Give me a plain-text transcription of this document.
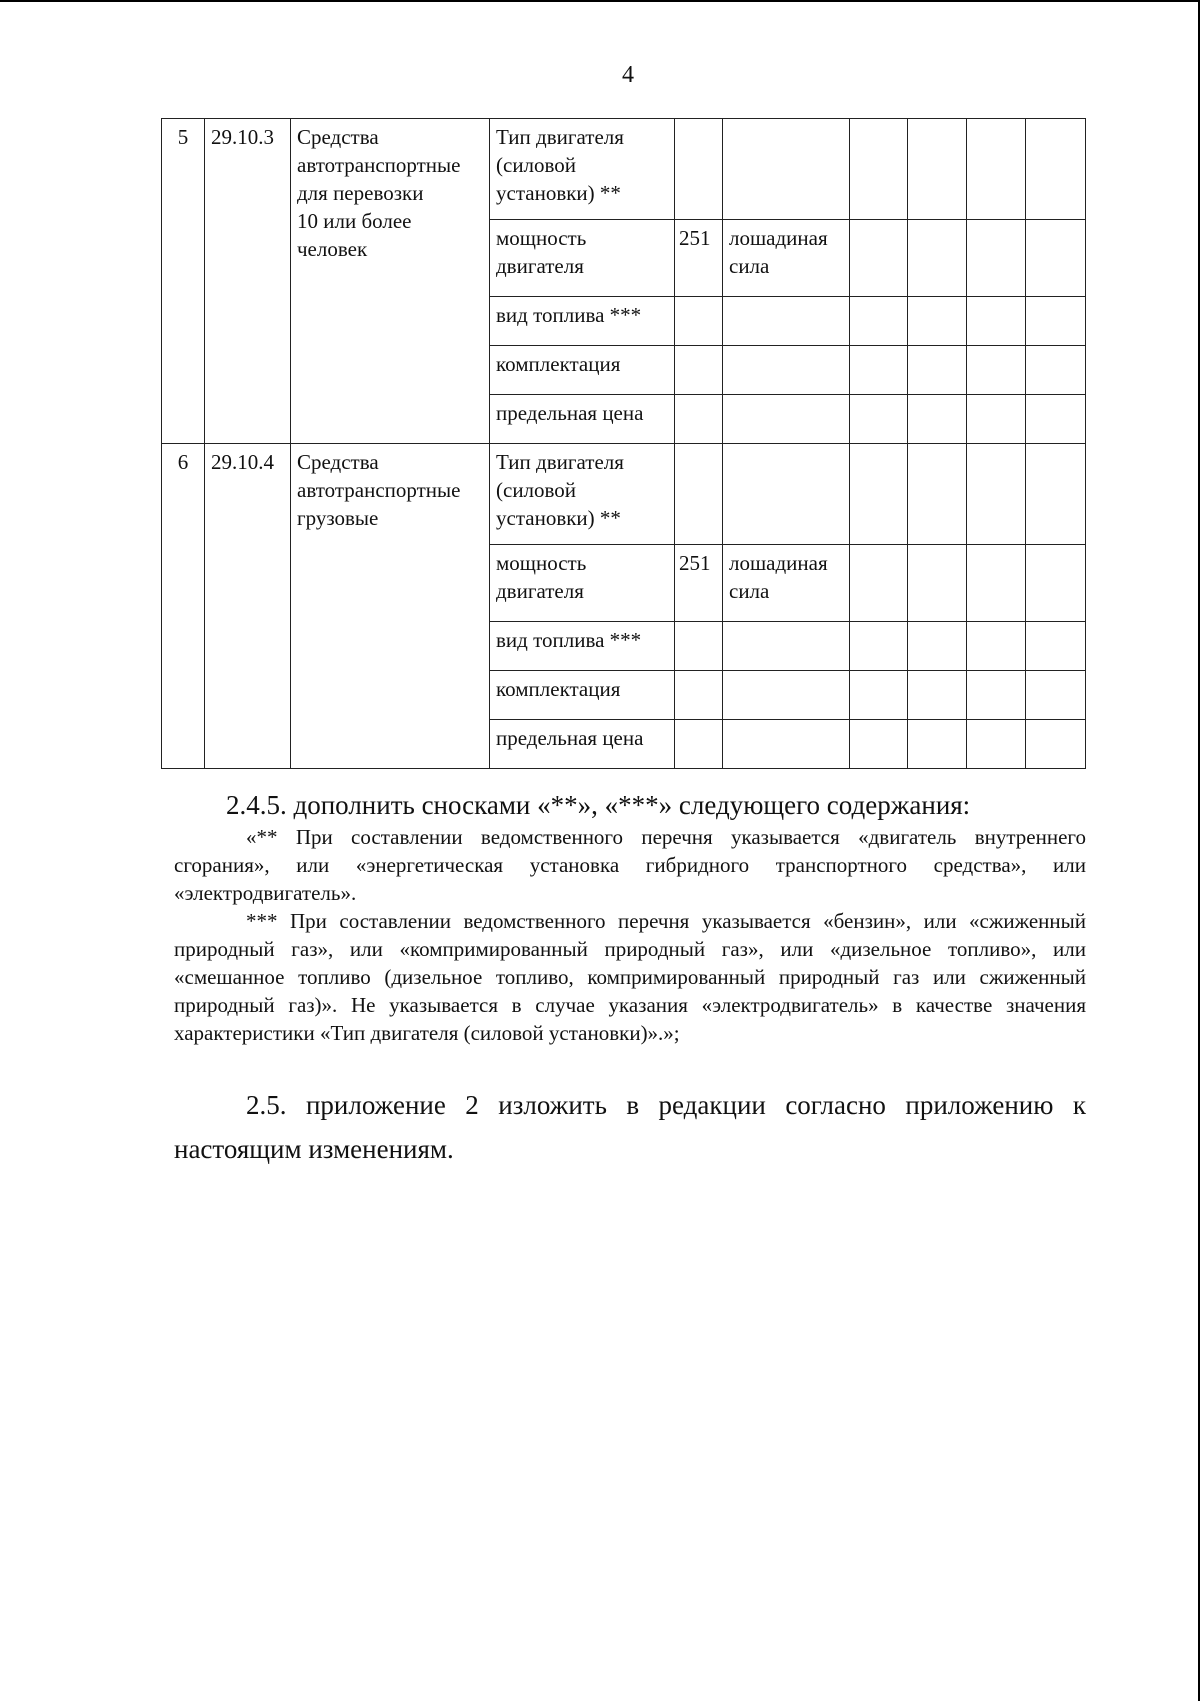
4
5	29.10.3	Средства
автотранспортные
для перевозки
10 или более
человек	Тип двигателя (силовой установки) **						
			мощность двигателя	251	лошадиная сила				
			вид топлива ***						
			комплектация						
			предельная цена						
6	29.10.4	Средства
автотранспортные
грузовые	Тип двигателя (силовой установки) **						
			мощность двигателя	251	лошадиная сила				
			вид топлива ***						
			комплектация						
			предельная цена						
2.4.5. дополнить сносками «**», «***» следующего содержания:
«** При составлении ведомственного перечня указывается «двигатель внутреннего сгорания», или «энергетическая установка гибридного транспортного средства», или «электродвигатель».
*** При составлении ведомственного перечня указывается «бензин», или «сжиженный природный газ», или «компримированный природный газ», или «дизельное топливо», или «смешанное топливо (дизельное топливо, компримированный природный газ или сжиженный природный газ)». Не указывается в случае указания «электродвигатель» в качестве значения характеристики «Тип двигателя (силовой установки)».»;
2.5. приложение 2 изложить в редакции согласно приложению к настоящим изменениям.
